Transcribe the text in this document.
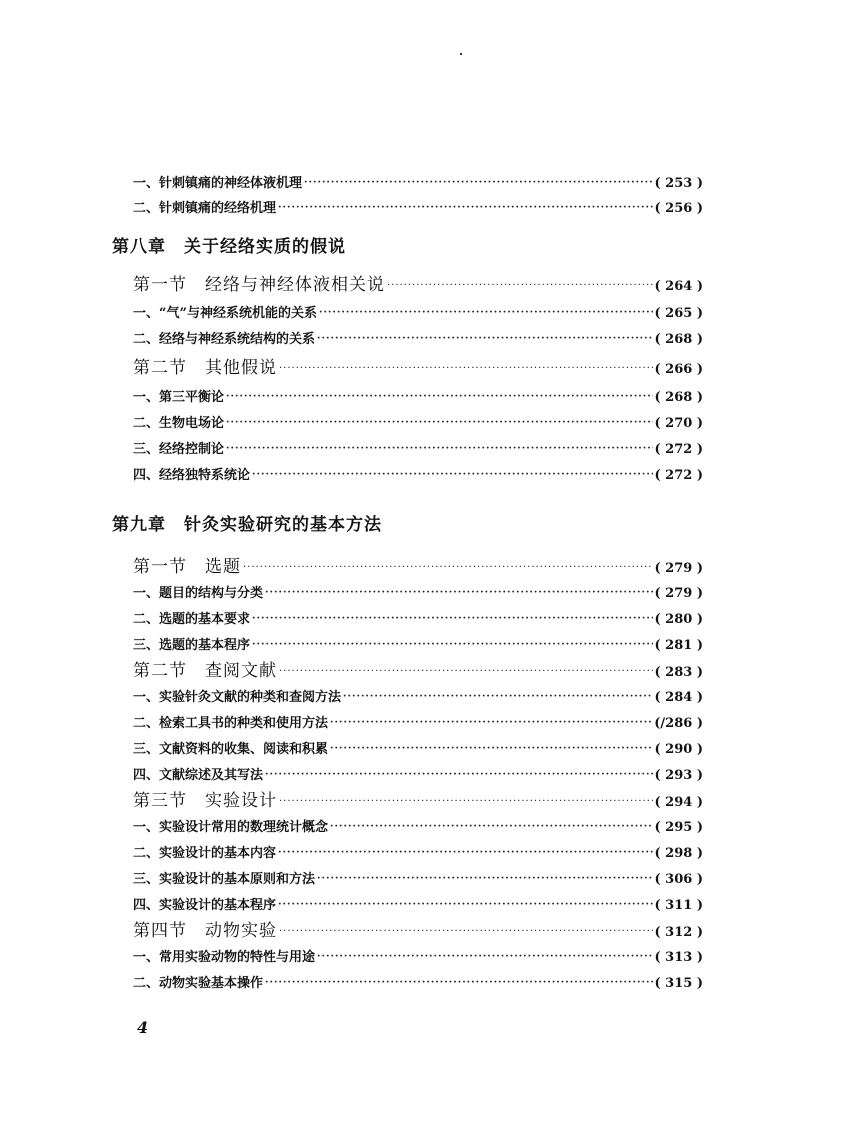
一、针刺镇痛的神经体液机理 ·····	( 253 )
二、针刺镇痛的经络机理 ·····	( 256 )
第八章 关于经络实质的假说
第一节　经络与神经体液相关说 ·····	( 264 )
一、“气”与神经系统机能的关系 ·····	( 265 )
二、经络与神经系统结构的关系 ·····	( 268 )
第二节　其他假说 ·····	( 266 )
一、第三平衡论 ·····	( 268 )
二、生物电场论 ·····	( 270 )
三、经络控制论 ·····	( 272 )
四、经络独特系统论 ·····	( 272 )
第九章 针灸实验研究的基本方法
第一节　选题 ·····	( 279 )
一、题目的结构与分类 ·····	( 279 )
二、选题的基本要求 ·····	( 280 )
三、选题的基本程序 ·····	( 281 )
第二节　查阅文献 ·····	( 283 )
一、实验针灸文献的种类和查阅方法 ·····	( 284 )
二、检索工具书的种类和使用方法 ·····	(/286 )
三、文献资料的收集、阅读和积累 ·····	( 290 )
四、文献综述及其写法 ·····	( 293 )
第三节　实验设计 ·····	( 294 )
一、实验设计常用的数理统计概念 ·····	( 295 )
二、实验设计的基本内容 ·····	( 298 )
三、实验设计的基本原则和方法 ·····	( 306 )
四、实验设计的基本程序 ·····	( 311 )
第四节　动物实验 ·····	( 312 )
一、常用实验动物的特性与用途 ·····	( 313 )
二、动物实验基本操作 ·····	( 315 )
4
